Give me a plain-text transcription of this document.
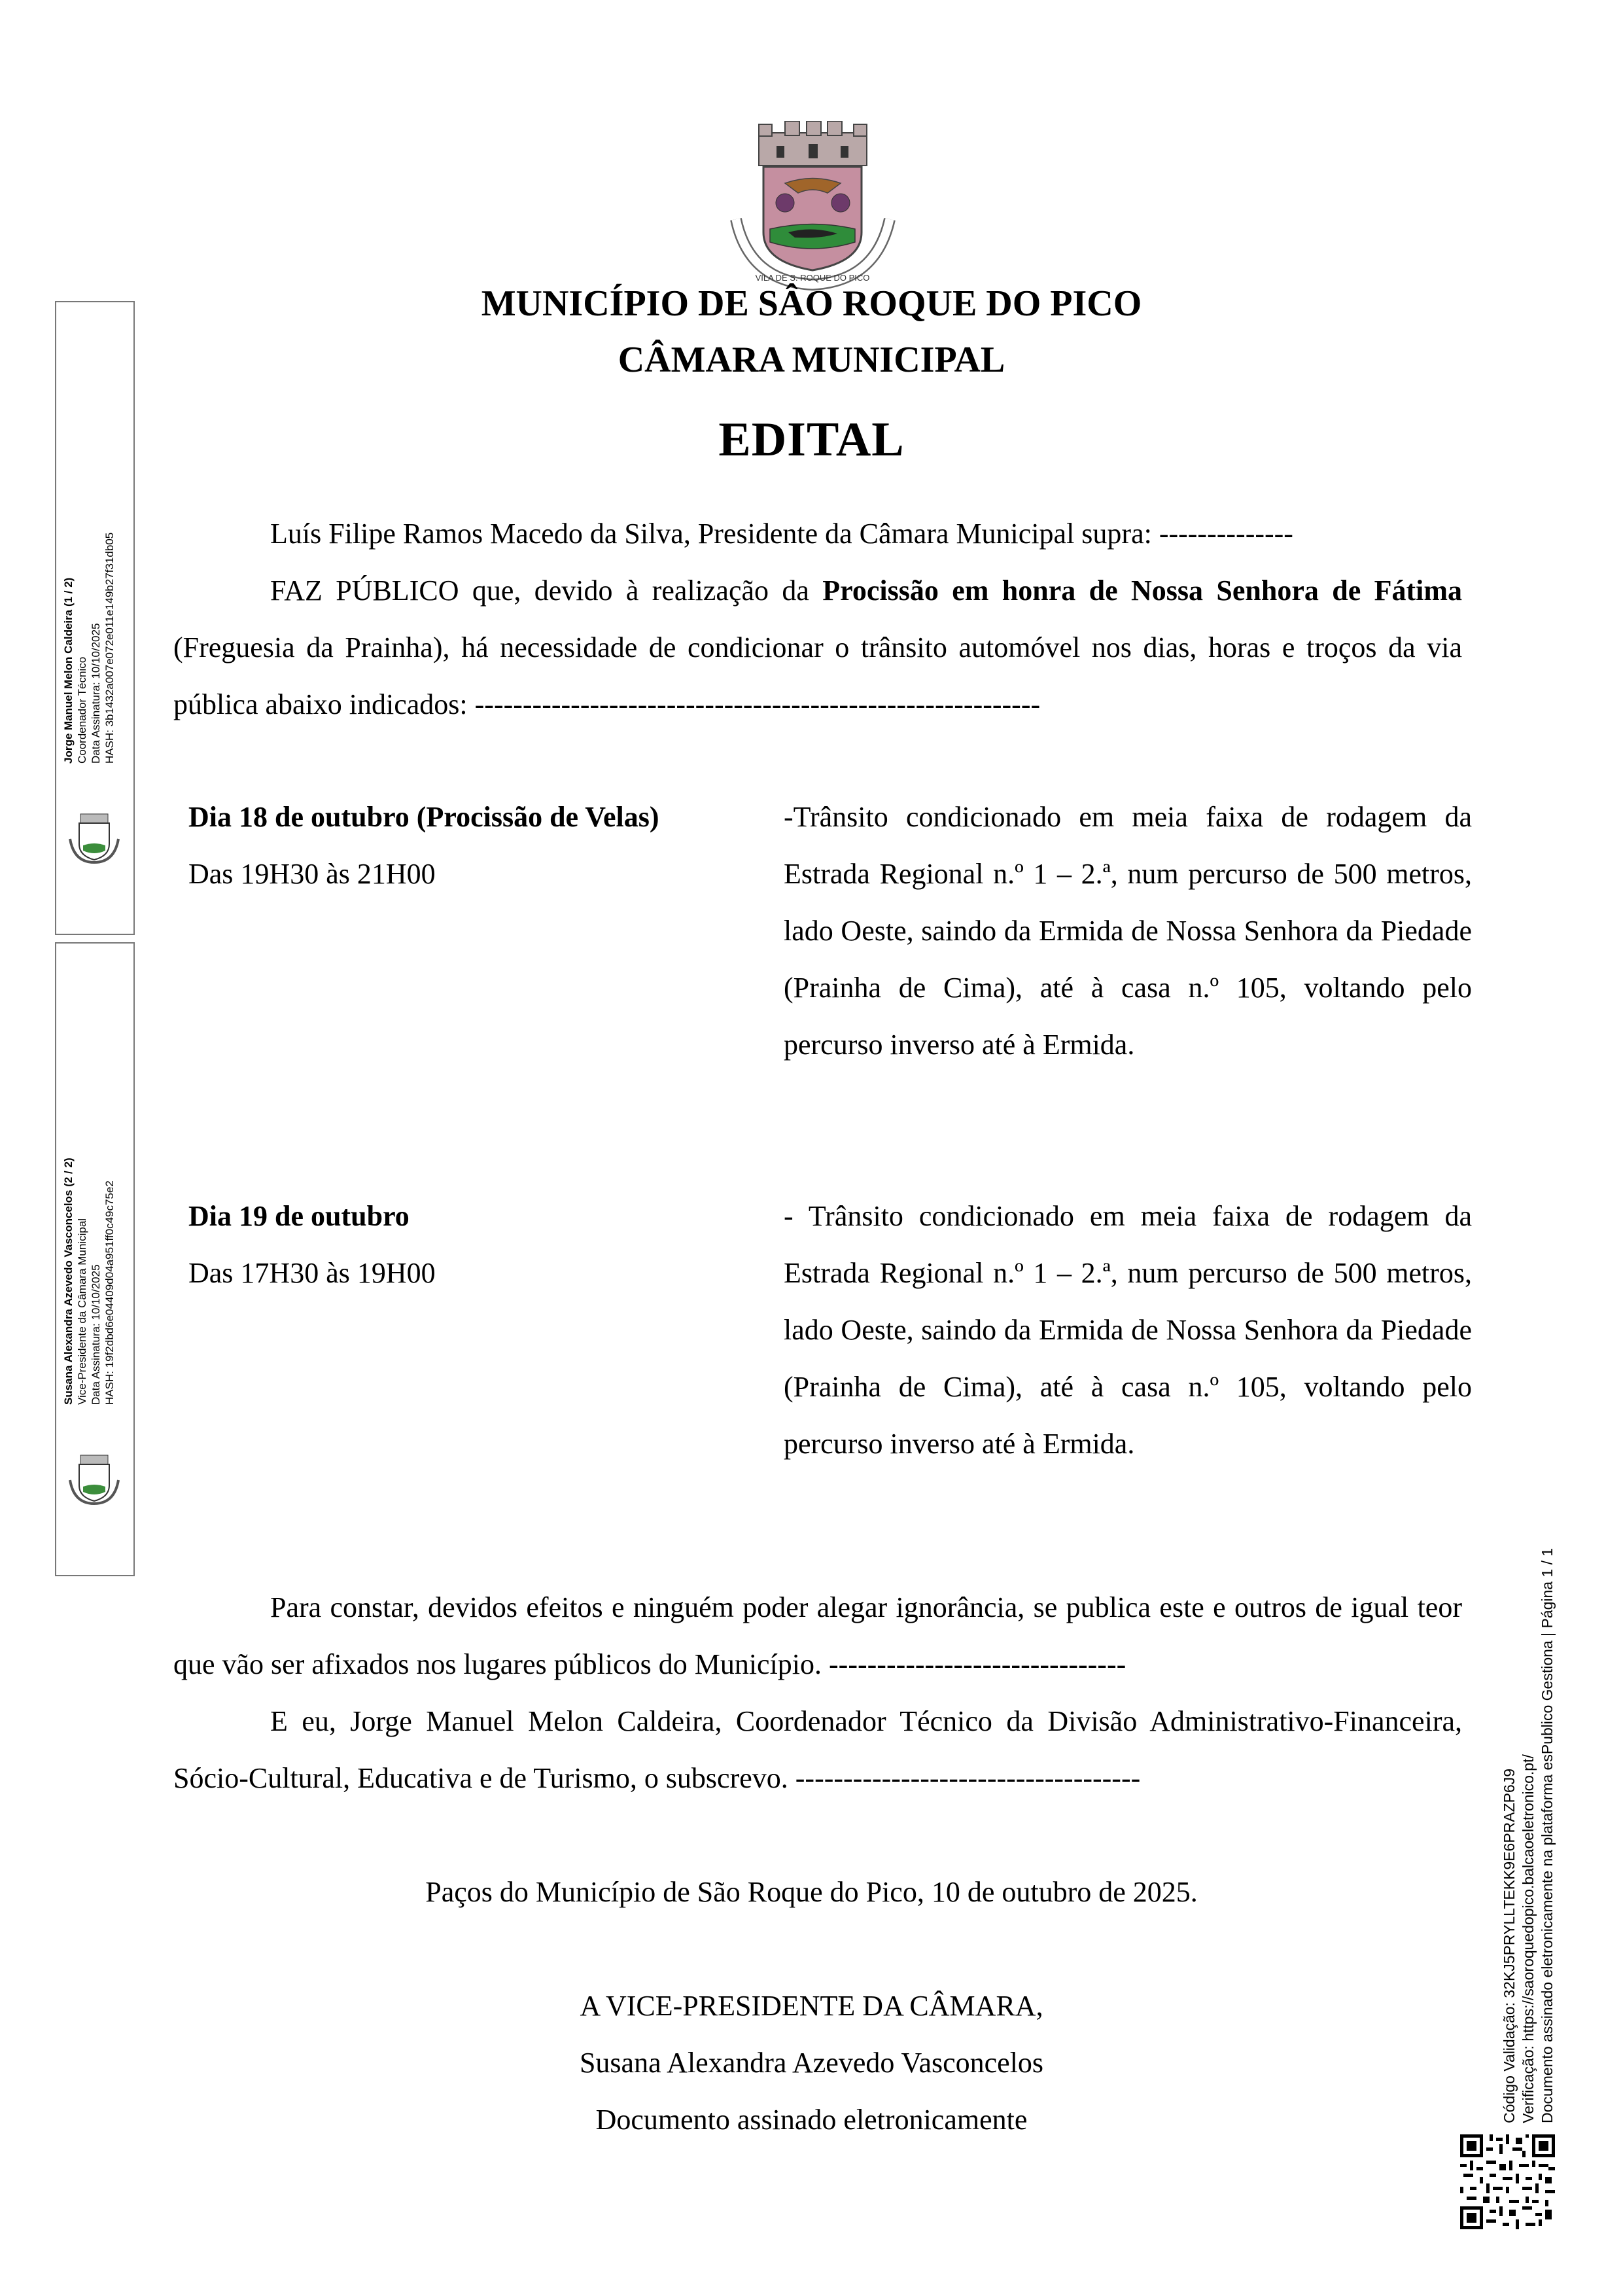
VILA DE S. ROQUE DO PICO
MUNICÍPIO DE SÂO ROQUE DO PICO
CÂMARA MUNICIPAL
EDITAL
Luís Filipe Ramos Macedo da Silva, Presidente da Câmara Municipal supra: --------------
FAZ PÚBLICO que, devido à realização da Procissão em honra de Nossa Senhora de Fátima (Freguesia da Prainha), há necessidade de condicionar o trânsito automóvel nos dias, horas e troços da via pública abaixo indicados: -----------------------------------------------------------
Dia 18 de outubro (Procissão de Velas)
Das 19H30 às 21H00
-Trânsito condicionado em meia faixa de rodagem da Estrada Regional n.º 1 – 2.ª, num percurso de 500 metros, lado Oeste, saindo da Ermida de Nossa Senhora da Piedade (Prainha de Cima), até à casa n.º 105, voltando pelo percurso inverso até à Ermida.
Dia 19 de outubro
Das 17H30 às 19H00
- Trânsito condicionado em meia faixa de rodagem da Estrada Regional n.º 1 – 2.ª, num percurso de 500 metros, lado Oeste, saindo da Ermida de Nossa Senhora da Piedade (Prainha de Cima), até à casa n.º 105, voltando pelo percurso inverso até à Ermida.
Para constar, devidos efeitos e ninguém poder alegar ignorância, se publica este e outros de igual teor que vão ser afixados nos lugares públicos do Município. -------------------------------
E eu, Jorge Manuel Melon Caldeira, Coordenador Técnico da Divisão Administrativo-Financeira, Sócio-Cultural, Educativa e de Turismo, o subscrevo. ------------------------------------
Paços do Município de São Roque do Pico, 10 de outubro de 2025.
A VICE-PRESIDENTE DA CÂMARA,
Susana Alexandra Azevedo Vasconcelos
Documento assinado eletronicamente
Jorge Manuel Melon Caldeira (1 / 2) Coordenador Técnico Data Assinatura: 10/10/2025 HASH: 3b1432a007e072e011e149b27f31db05
Susana Alexandra Azevedo Vasconcelos (2 / 2) Vice-Presidente da Câmara Municipal Data Assinatura: 10/10/2025 HASH: 19f2dbd6e04409d04a951ff0c49c75e2
Código Validação: 32KJ5PRYLLTEKK9E6PRAZP6J9 Verificação: https://saoroquedopico.balcaoeletronico.pt/ Documento assinado eletronicamente na plataforma esPublico Gestiona | Página 1 / 1
